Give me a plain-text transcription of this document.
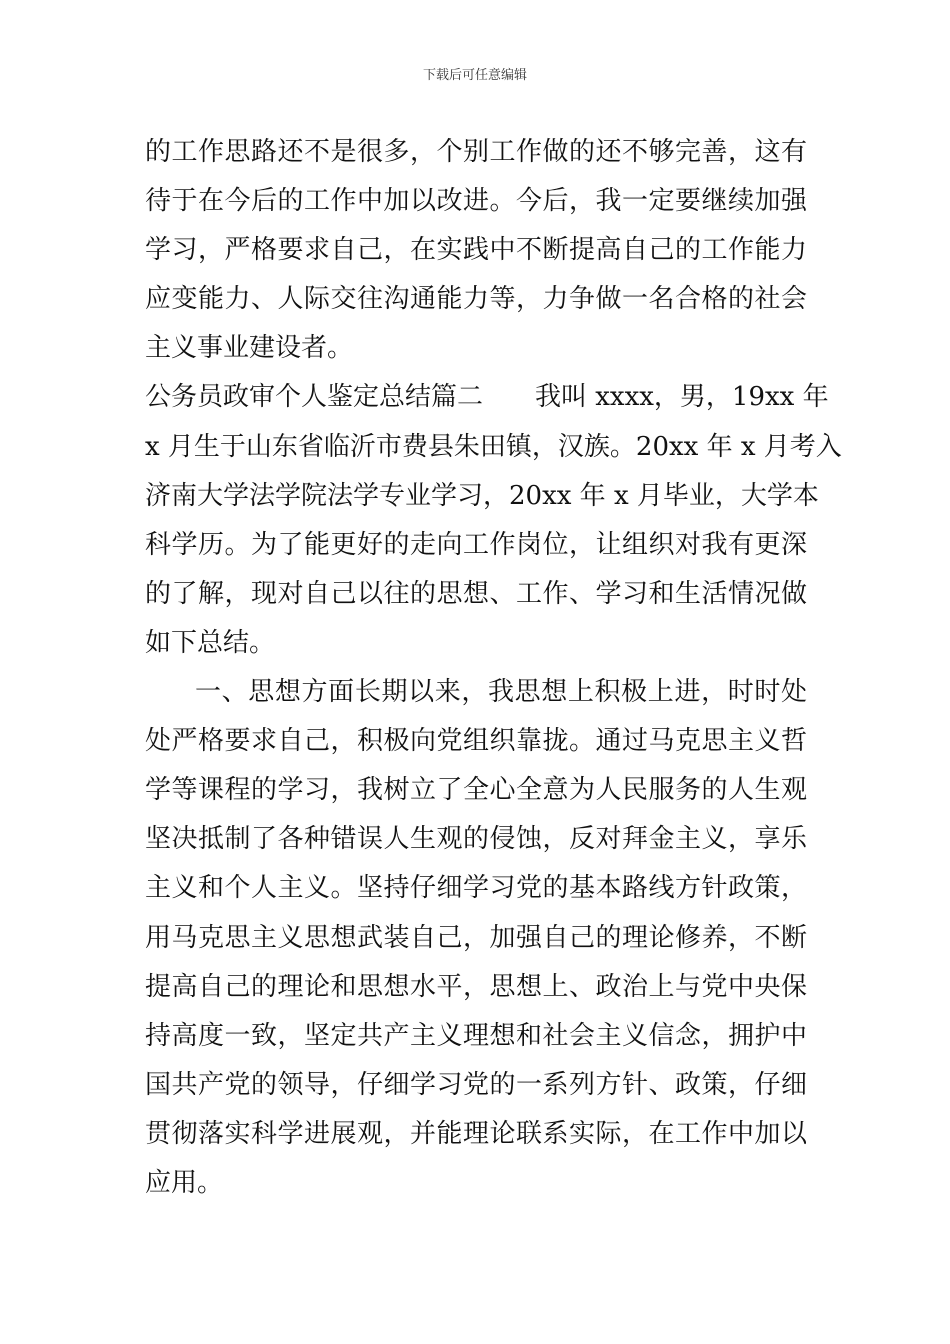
下载后可任意编辑
的工作思路还不是很多，个别工作做的还不够完善，这有
待于在今后的工作中加以改进。今后，我一定要继续加强
学习，严格要求自己，在实践中不断提高自己的工作能力
应变能力、人际交往沟通能力等，力争做一名合格的社会
主义事业建设者。
公务员政审个人鉴定总结篇二　　我叫 xxxx，男，19xx 年
x 月生于山东省临沂市费县朱田镇，汉族。20xx 年 x 月考入
济南大学法学院法学专业学习，20xx 年 x 月毕业，大学本
科学历。为了能更好的走向工作岗位，让组织对我有更深
的了解，现对自己以往的思想、工作、学习和生活情况做
如下总结。
一、思想方面长期以来，我思想上积极上进，时时处
处严格要求自己，积极向党组织靠拢。通过马克思主义哲
学等课程的学习，我树立了全心全意为人民服务的人生观
坚决抵制了各种错误人生观的侵蚀，反对拜金主义，享乐
主义和个人主义。坚持仔细学习党的基本路线方针政策，
用马克思主义思想武装自己，加强自己的理论修养，不断
提高自己的理论和思想水平，思想上、政治上与党中央保
持高度一致，坚定共产主义理想和社会主义信念，拥护中
国共产党的领导，仔细学习党的一系列方针、政策，仔细
贯彻落实科学进展观，并能理论联系实际，在工作中加以
应用。
